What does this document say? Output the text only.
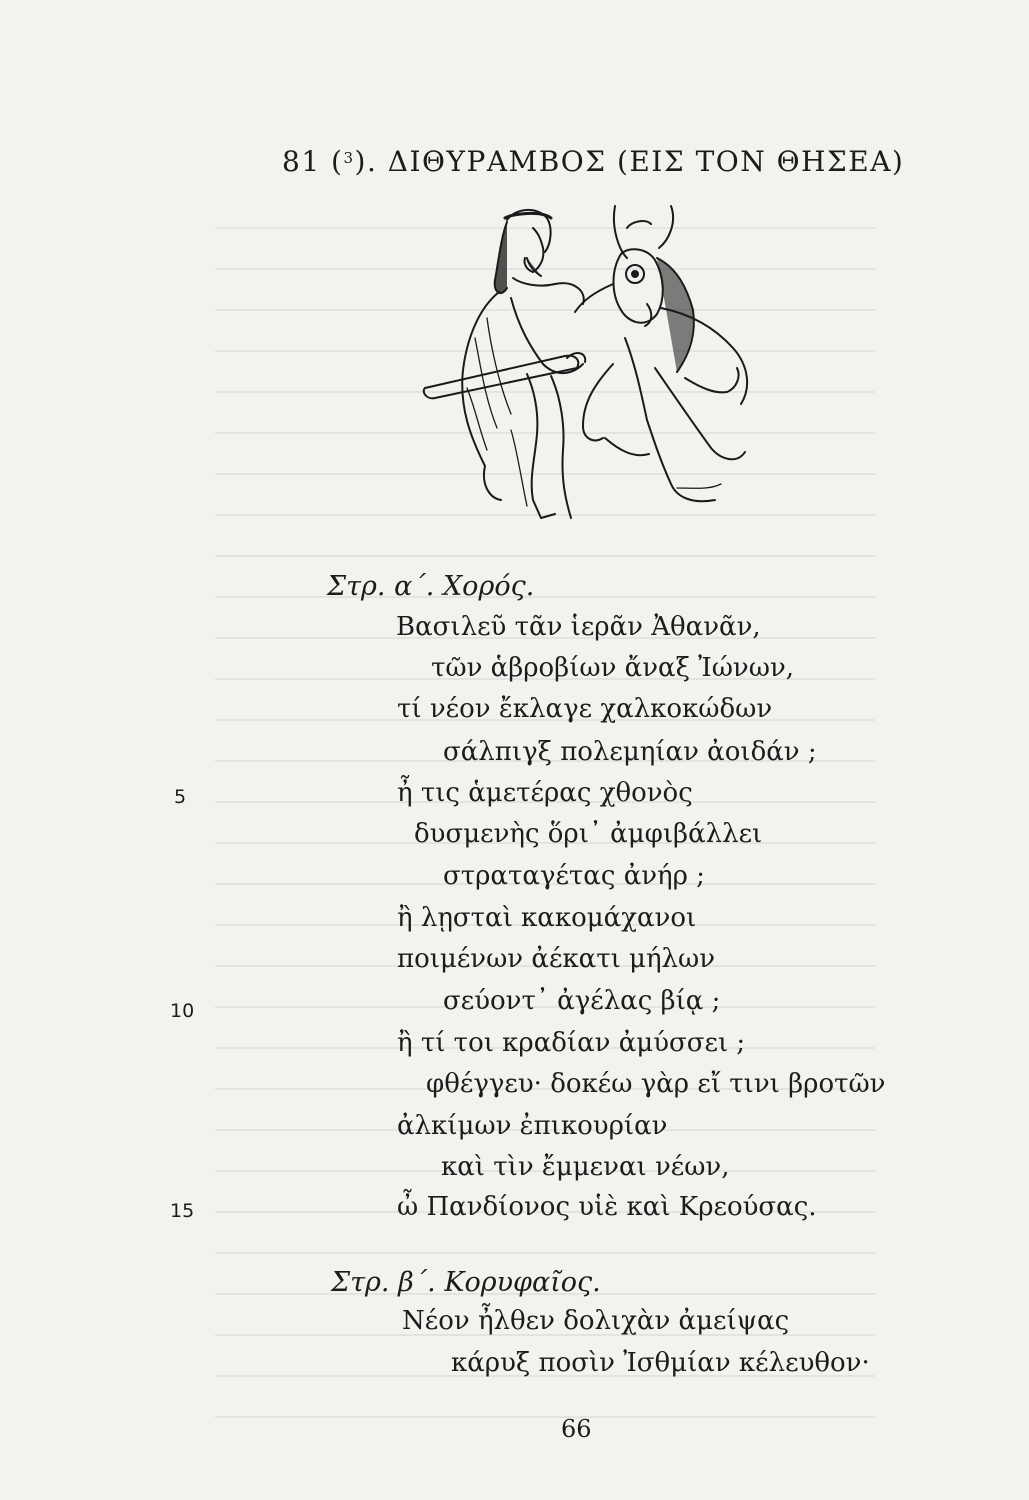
81 ($^3$). ΔΙΘΥΡΑΜΒΟΣ (ΕΙΣ ΤΟΝ ΘΗΣΕΑ)
Στρ. α΄. Χορός.
Βασιλεῦ τᾶν ἱερᾶν Ἀθανᾶν,
τῶν ἁβροβίων ἄναξ Ἰώνων,
τί νέον ἔκλαγε χαλκοκώδων
σάλπιγξ πολεμηίαν ἀοιδάν ;
ἦ τις ἁμετέρας χθονὸς
δυσμενὴς ὅρι᾿ ἀμφιβάλλει
στραταγέτας ἀνήρ ;
ἢ λῃσταὶ κακομάχανοι
ποιμένων ἀέκατι μήλων
σεύοντ᾿ ἀγέλας βίᾳ ;
ἢ τί τοι κραδίαν ἀμύσσει ;
φθέγγευ· δοκέω γὰρ εἴ τινι βροτῶν
ἀλκίμων ἐπικουρίαν
καὶ τὶν ἔμμεναι νέων,
ὦ Πανδίονος υἱὲ καὶ Κρεούσας.
5
10
15
Στρ. β΄. Κορυφαῖος.
Νέον ἦλθεν δολιχὰν ἀμείψας
κάρυξ ποσὶν Ἰσθμίαν κέλευθον·
66
